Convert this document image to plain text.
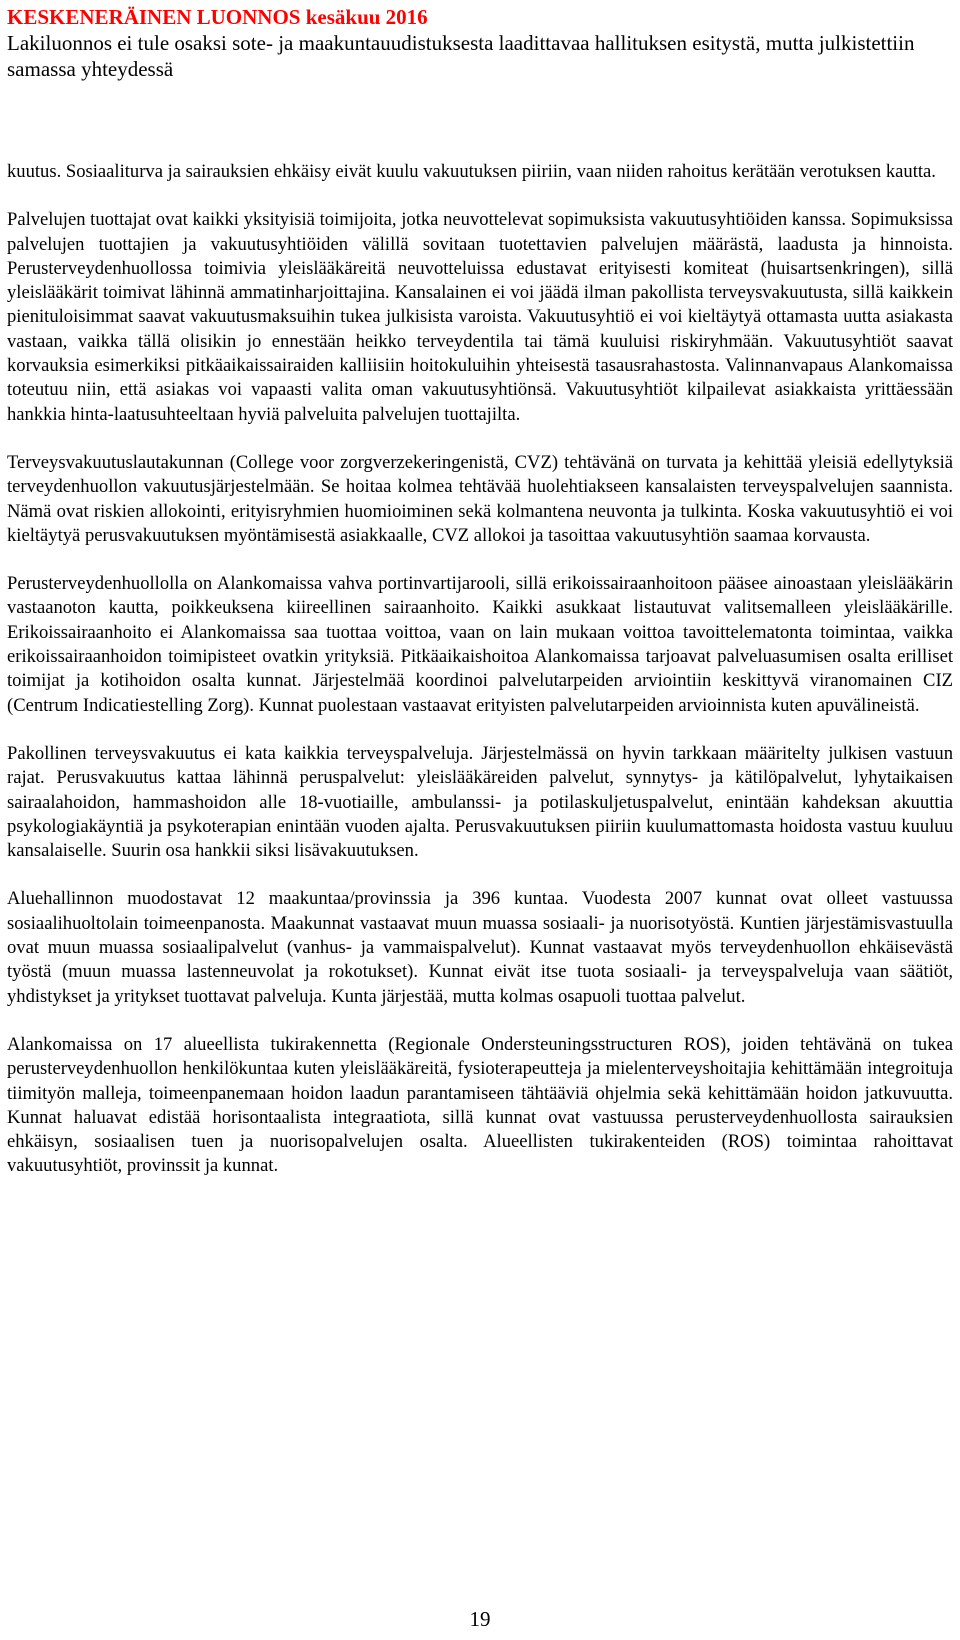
KESKENERÄINEN LUONNOS kesäkuu 2016

Lakiluonnos ei tule osaksi sote- ja maakuntauudistuksesta laadittavaa hallituksen esitystä, mutta julkistettiin samassa yhteydessä

kuutus. Sosiaaliturva ja sairauksien ehkäisy eivät kuulu vakuutuksen piiriin, vaan niiden rahoitus kerätään verotuksen kautta.

Palvelujen tuottajat ovat kaikki yksityisiä toimijoita, jotka neuvottelevat sopimuksista vakuutusyhtiöiden kanssa. Sopimuksissa palvelujen tuottajien ja vakuutusyhtiöiden välillä sovitaan tuotettavien palvelujen määrästä, laadusta ja hinnoista. Perusterveydenhuollossa toimivia yleislääkäreitä neuvotteluissa edustavat erityisesti komiteat (huisartsenkringen), sillä yleislääkärit toimivat lähinnä ammatinharjoittajina. Kansalainen ei voi jäädä ilman pakollista terveysvakuutusta, sillä kaikkein pienituloisimmat saavat vakuutusmaksuihin tukea julkisista varoista. Vakuutusyhtiö ei voi kieltäytyä ottamasta uutta asiakasta vastaan, vaikka tällä olisikin jo ennestään heikko terveydentila tai tämä kuuluisi riskiryhmään. Vakuutusyhtiöt saavat korvauksia esimerkiksi pitkäaikaissairaiden kalliisiin hoitokuluihin yhteisestä tasausrahastosta. Valinnanvapaus Alankomaissa toteutuu niin, että asiakas voi vapaasti valita oman vakuutusyhtiönsä. Vakuutusyhtiöt kilpailevat asiakkaista yrittäessään hankkia hinta-laatusuhteeltaan hyviä palveluita palvelujen tuottajilta.

Terveysvakuutuslautakunnan (College voor zorgverzekeringenistä, CVZ) tehtävänä on turvata ja kehittää yleisiä edellytyksiä terveydenhuollon vakuutusjärjestelmään. Se hoitaa kolmea tehtävää huolehtiakseen kansalaisten terveyspalvelujen saannista. Nämä ovat riskien allokointi, erityisryhmien huomioiminen sekä kolmantena neuvonta ja tulkinta. Koska vakuutusyhtiö ei voi kieltäytyä perusvakuutuksen myöntämisestä asiakkaalle, CVZ allokoi ja tasoittaa vakuutusyhtiön saamaa korvausta.

Perusterveydenhuollolla on Alankomaissa vahva portinvartijarooli, sillä erikoissairaanhoitoon pääsee ainoastaan yleislääkärin vastaanoton kautta, poikkeuksena kiireellinen sairaanhoito. Kaikki asukkaat listautuvat valitsemalleen yleislääkärille. Erikoissairaanhoito ei Alankomaissa saa tuottaa voittoa, vaan on lain mukaan voittoa tavoittelematonta toimintaa, vaikka erikoissairaanhoidon toimipisteet ovatkin yrityksiä. Pitkäaikaishoitoa Alankomaissa tarjoavat palveluasumisen osalta erilliset toimijat ja kotihoidon osalta kunnat. Järjestelmää koordinoi palvelutarpeiden arviointiin keskittyvä viranomainen CIZ (Centrum Indicatiestelling Zorg). Kunnat puolestaan vastaavat erityisten palvelutarpeiden arvioinnista kuten apuvälineistä.

Pakollinen terveysvakuutus ei kata kaikkia terveyspalveluja. Järjestelmässä on hyvin tarkkaan määritelty julkisen vastuun rajat. Perusvakuutus kattaa lähinnä peruspalvelut: yleislääkäreiden palvelut, synnytys- ja kätilöpalvelut, lyhytaikaisen sairaalahoidon, hammashoidon alle 18-vuotiaille, ambulanssi- ja potilaskuljetuspalvelut, enintään kahdeksan akuuttia psykologiakäyntiä ja psykoterapian enintään vuoden ajalta. Perusvakuutuksen piiriin kuulumattomasta hoidosta vastuu kuuluu kansalaiselle. Suurin osa hankkii siksi lisävakuutuksen.

Aluehallinnon muodostavat 12 maakuntaa/provinssia ja 396 kuntaa. Vuodesta 2007 kunnat ovat olleet vastuussa sosiaalihuoltolain toimeenpanosta. Maakunnat vastaavat muun muassa sosiaali- ja nuorisotyöstä. Kuntien järjestämisvastuulla ovat muun muassa sosiaalipalvelut (vanhus- ja vammaispalvelut). Kunnat vastaavat myös terveydenhuollon ehkäisevästä työstä (muun muassa lastenneuvolat ja rokotukset). Kunnat eivät itse tuota sosiaali- ja terveyspalveluja vaan säätiöt, yhdistykset ja yritykset tuottavat palveluja. Kunta järjestää, mutta kolmas osapuoli tuottaa palvelut.

Alankomaissa on 17 alueellista tukirakennetta (Regionale Ondersteuningsstructuren ROS), joiden tehtävänä on tukea perusterveydenhuollon henkilökuntaa kuten yleislääkäreitä, fysioterapeutteja ja mielenterveyshoitajia kehittämään integroituja tiimityön malleja, toimeenpanemaan hoidon laadun parantamiseen tähtääviä ohjelmia sekä kehittämään hoidon jatkuvuutta. Kunnat haluavat edistää horisontaalista integraatiota, sillä kunnat ovat vastuussa perusterveydenhuollosta sairauksien ehkäisyn, sosiaalisen tuen ja nuorisopalvelujen osalta. Alueellisten tukirakenteiden (ROS) toimintaa rahoittavat vakuutusyhtiöt, provinssit ja kunnat.

19
